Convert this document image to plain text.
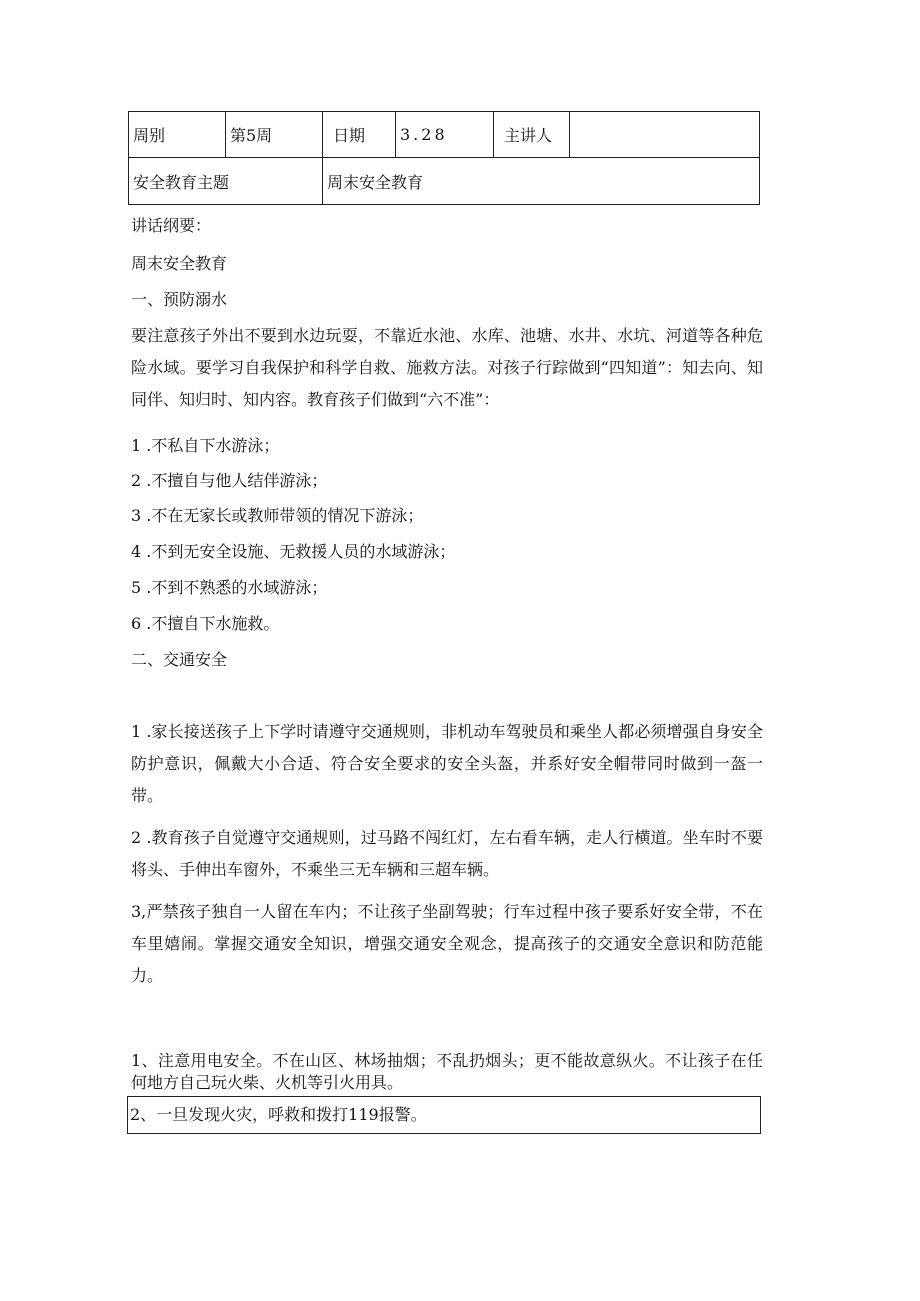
周别	第5周	日期	3.28	主讲人	
安全教育主题		周末安全教育			
讲话纲要：
周末安全教育
一、预防溺水
要注意孩子外出不要到水边玩耍，不靠近水池、水库、池塘、水井、水坑、河道等各种危险水域。要学习自我保护和科学自救、施救方法。对孩子行踪做到“四知道”：知去向、知同伴、知归时、知内容。教育孩子们做到“六不准”：
1 .不私自下水游泳；
2 .不擅自与他人结伴游泳；
3 .不在无家长或教师带领的情况下游泳；
4 .不到无安全设施、无救援人员的水域游泳；
5 .不到不熟悉的水域游泳；
6 .不擅自下水施救。
二、交通安全
1 .家长接送孩子上下学时请遵守交通规则，非机动车驾驶员和乘坐人都必须增强自身安全防护意识，佩戴大小合适、符合安全要求的安全头盔，并系好安全帽带同时做到一盔一带。
2 .教育孩子自觉遵守交通规则，过马路不闯红灯，左右看车辆，走人行横道。坐车时不要将头、手伸出车窗外，不乘坐三无车辆和三超车辆。
3,严禁孩子独自一人留在车内；不让孩子坐副驾驶；行车过程中孩子要系好安全带，不在车里嬉闹。掌握交通安全知识，增强交通安全观念，提高孩子的交通安全意识和防范能力。
1、注意用电安全。不在山区、林场抽烟；不乱扔烟头；更不能故意纵火。不让孩子在任何地方自己玩火柴、火机等引火用具。
2、一旦发现火灾，呼救和拨打119报警。
